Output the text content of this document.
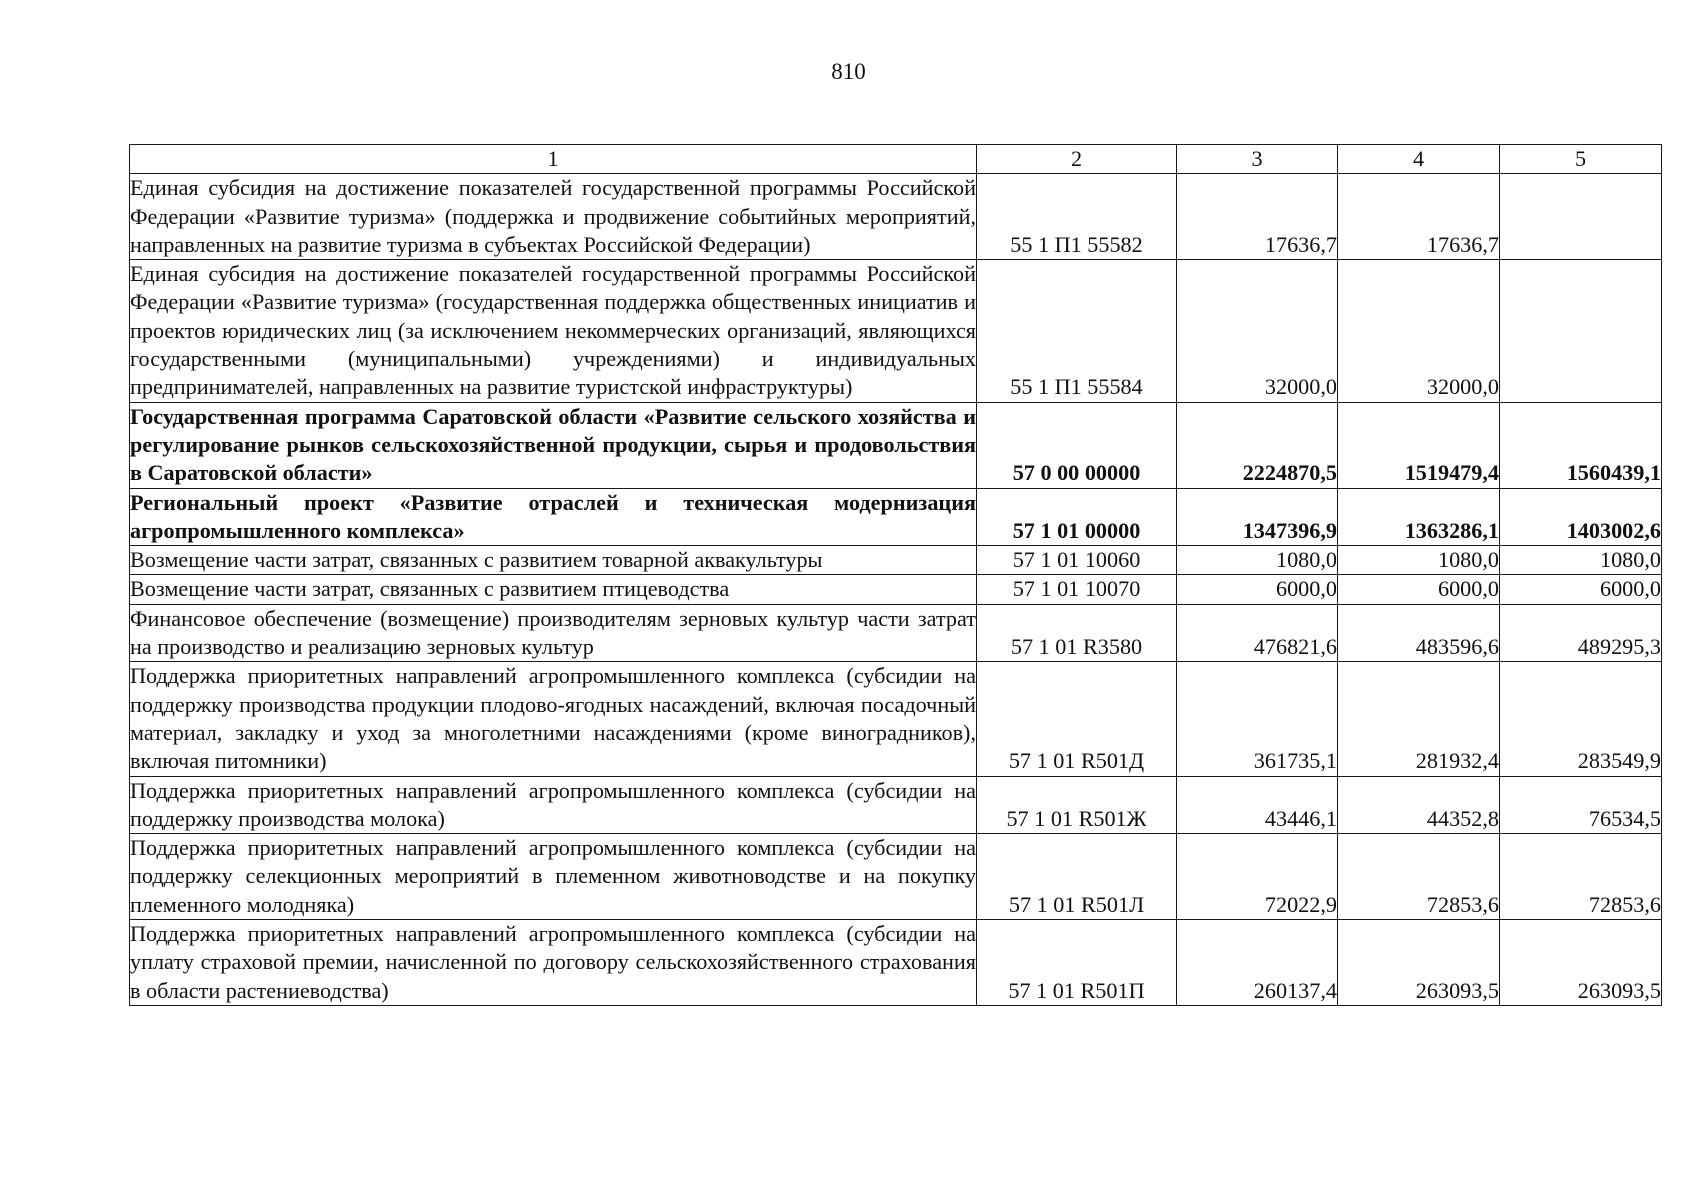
810
1	2	3	4	5
Единая субсидия на достижение показателей государственной программы Российской Федерации «Развитие туризма» (поддержка и продвижение событийных мероприятий, направленных на развитие туризма в субъектах Российской Федерации)	55 1 П1 55582	17636,7	17636,7	
Единая субсидия на достижение показателей государственной программы Российской Федерации «Развитие туризма» (государственная поддержка общественных инициатив и проектов юридических лиц (за исключением некоммерческих организаций, являющихся государственными (муниципальными) учреждениями) и индивидуальных предпринимателей, направленных на развитие туристской инфраструктуры)	55 1 П1 55584	32000,0	32000,0	
Государственная программа Саратовской области «Развитие сельского хозяйства и регулирование рынков сельскохозяйственной продукции, сырья и продовольствия в Саратовской области»	57 0 00 00000	2224870,5	1519479,4	1560439,1
Региональный проект «Развитие отраслей и техническая модернизация агропромышленного комплекса»	57 1 01 00000	1347396,9	1363286,1	1403002,6
Возмещение части затрат, связанных с развитием товарной аквакультуры	57 1 01 10060	1080,0	1080,0	1080,0
Возмещение части затрат, связанных с развитием птицеводства	57 1 01 10070	6000,0	6000,0	6000,0
Финансовое обеспечение (возмещение) производителям зерновых культур части затрат на производство и реализацию зерновых культур	57 1 01 R3580	476821,6	483596,6	489295,3
Поддержка приоритетных направлений агропромышленного комплекса (субсидии на поддержку производства продукции плодово-ягодных насаждений, включая посадочный материал, закладку и уход за многолетними насаждениями (кроме виноградников), включая питомники)	57 1 01 R501Д	361735,1	281932,4	283549,9
Поддержка приоритетных направлений агропромышленного комплекса (субсидии на поддержку производства молока)	57 1 01 R501Ж	43446,1	44352,8	76534,5
Поддержка приоритетных направлений агропромышленного комплекса (субсидии на поддержку селекционных мероприятий в племенном животноводстве и на покупку племенного молодняка)	57 1 01 R501Л	72022,9	72853,6	72853,6
Поддержка приоритетных направлений агропромышленного комплекса (субсидии на уплату страховой премии, начисленной по договору сельскохозяйственного страхования в области растениеводства)	57 1 01 R501П	260137,4	263093,5	263093,5
